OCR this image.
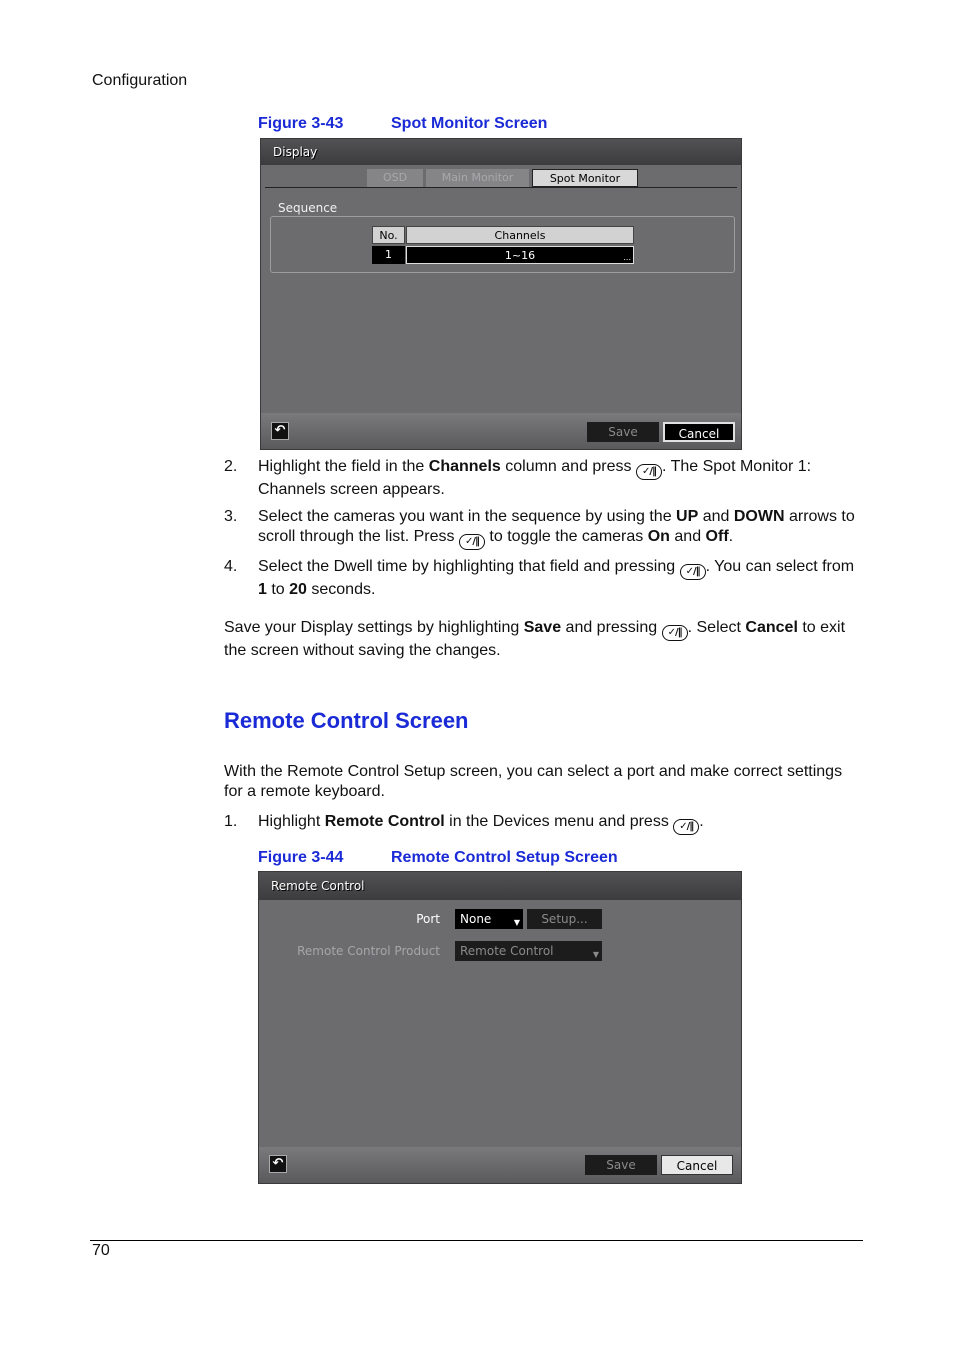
Configuration
Figure 3-43	Spot Monitor Screen
Display
OSD	Main Monitor	Spot Monitor
Sequence
No.	Channels
1	1~16	...
↶	Save	Cancel
2. Highlight the field in the Channels column and press ✓/‖ . The Spot Monitor 1: Channels screen appears.
3. Select the cameras you want in the sequence by using the UP and DOWN arrows to scroll through the list. Press ✓/‖ to toggle the cameras On and Off.
4. Select the Dwell time by highlighting that field and pressing ✓/‖ . You can select from 1 to 20 seconds.
Save your Display settings by highlighting Save and pressing ✓/‖ . Select Cancel to exit the screen without saving the changes.
Remote Control Screen
With the Remote Control Setup screen, you can select a port and make correct settings for a remote keyboard.
1. Highlight Remote Control in the Devices menu and press ✓/‖ .
Figure 3-44	Remote Control Setup Screen
Remote Control
Port	None	▼	Setup...
Remote Control Product	Remote Control	▼
↶	Save	Cancel
70
